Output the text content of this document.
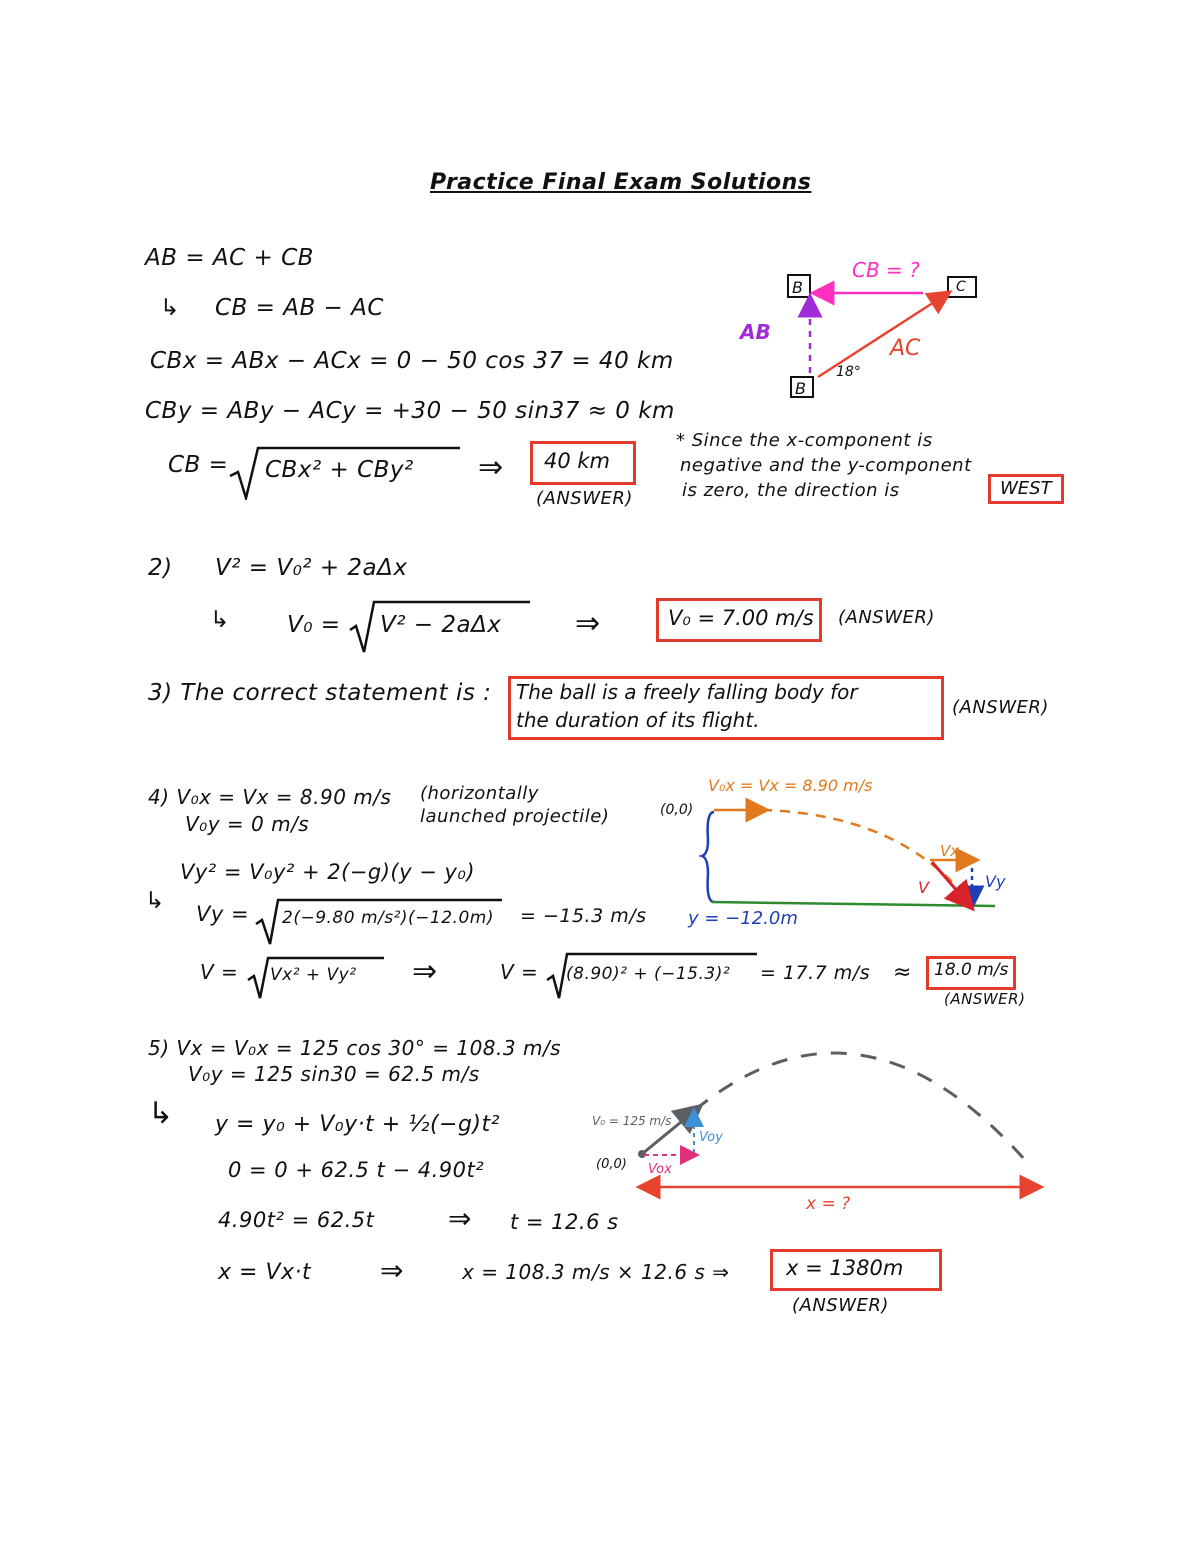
Practice Final Exam Solutions
AB = AC + CB
↳ CB = AB − AC
CBx = ABx − ACx = 0 − 50 cos 37 = 40 km
CBy = ABy − ACy = +30 − 50 sin37 ≈ 0 km
CB = CBx² + CBy² ⇒ 40 km
(ANSWER)
* Since the x-component is
negative and the y-component
is zero, the direction is	WEST
B	C
B
CB = ?
AB
AC
18°
2) V² = V₀² + 2aΔx
↳ V₀ = V² − 2aΔx ⇒	V₀ = 7.00 m/s (ANSWER)
3) The correct statement is : The ball is a freely falling body for
the duration of its flight.
(ANSWER)
4) V₀x = Vx = 8.90 m/s (horizontally
launched projectile)
V₀y = 0 m/s
Vy² = V₀y² + 2(−g)(y − y₀)
↳ Vy = 2(−9.80 m/s²)(−12.0m) = −15.3 m/s
V = Vx² + Vy² ⇒	V = (8.90)² + (−15.3)² = 17.7 m/s ≈ 18.0 m/s
(ANSWER)
V₀x = Vx = 8.90 m/s
(0,0)
y = −12.0m
Vx
Vy
V
5) Vx = V₀x = 125 cos 30° = 108.3 m/s
V₀y = 125 sin30 = 62.5 m/s
↳ y = y₀ + V₀y·t + ½(−g)t²
0 = 0 + 62.5 t − 4.90t²
4.90t² = 62.5t	⇒ t = 12.6 s
x = Vx·t ⇒	x = 108.3 m/s × 12.6 s ⇒	x = 1380m
(ANSWER)
V₀ = 125 m/s
Voy
Vox
(0,0)
x = ?
